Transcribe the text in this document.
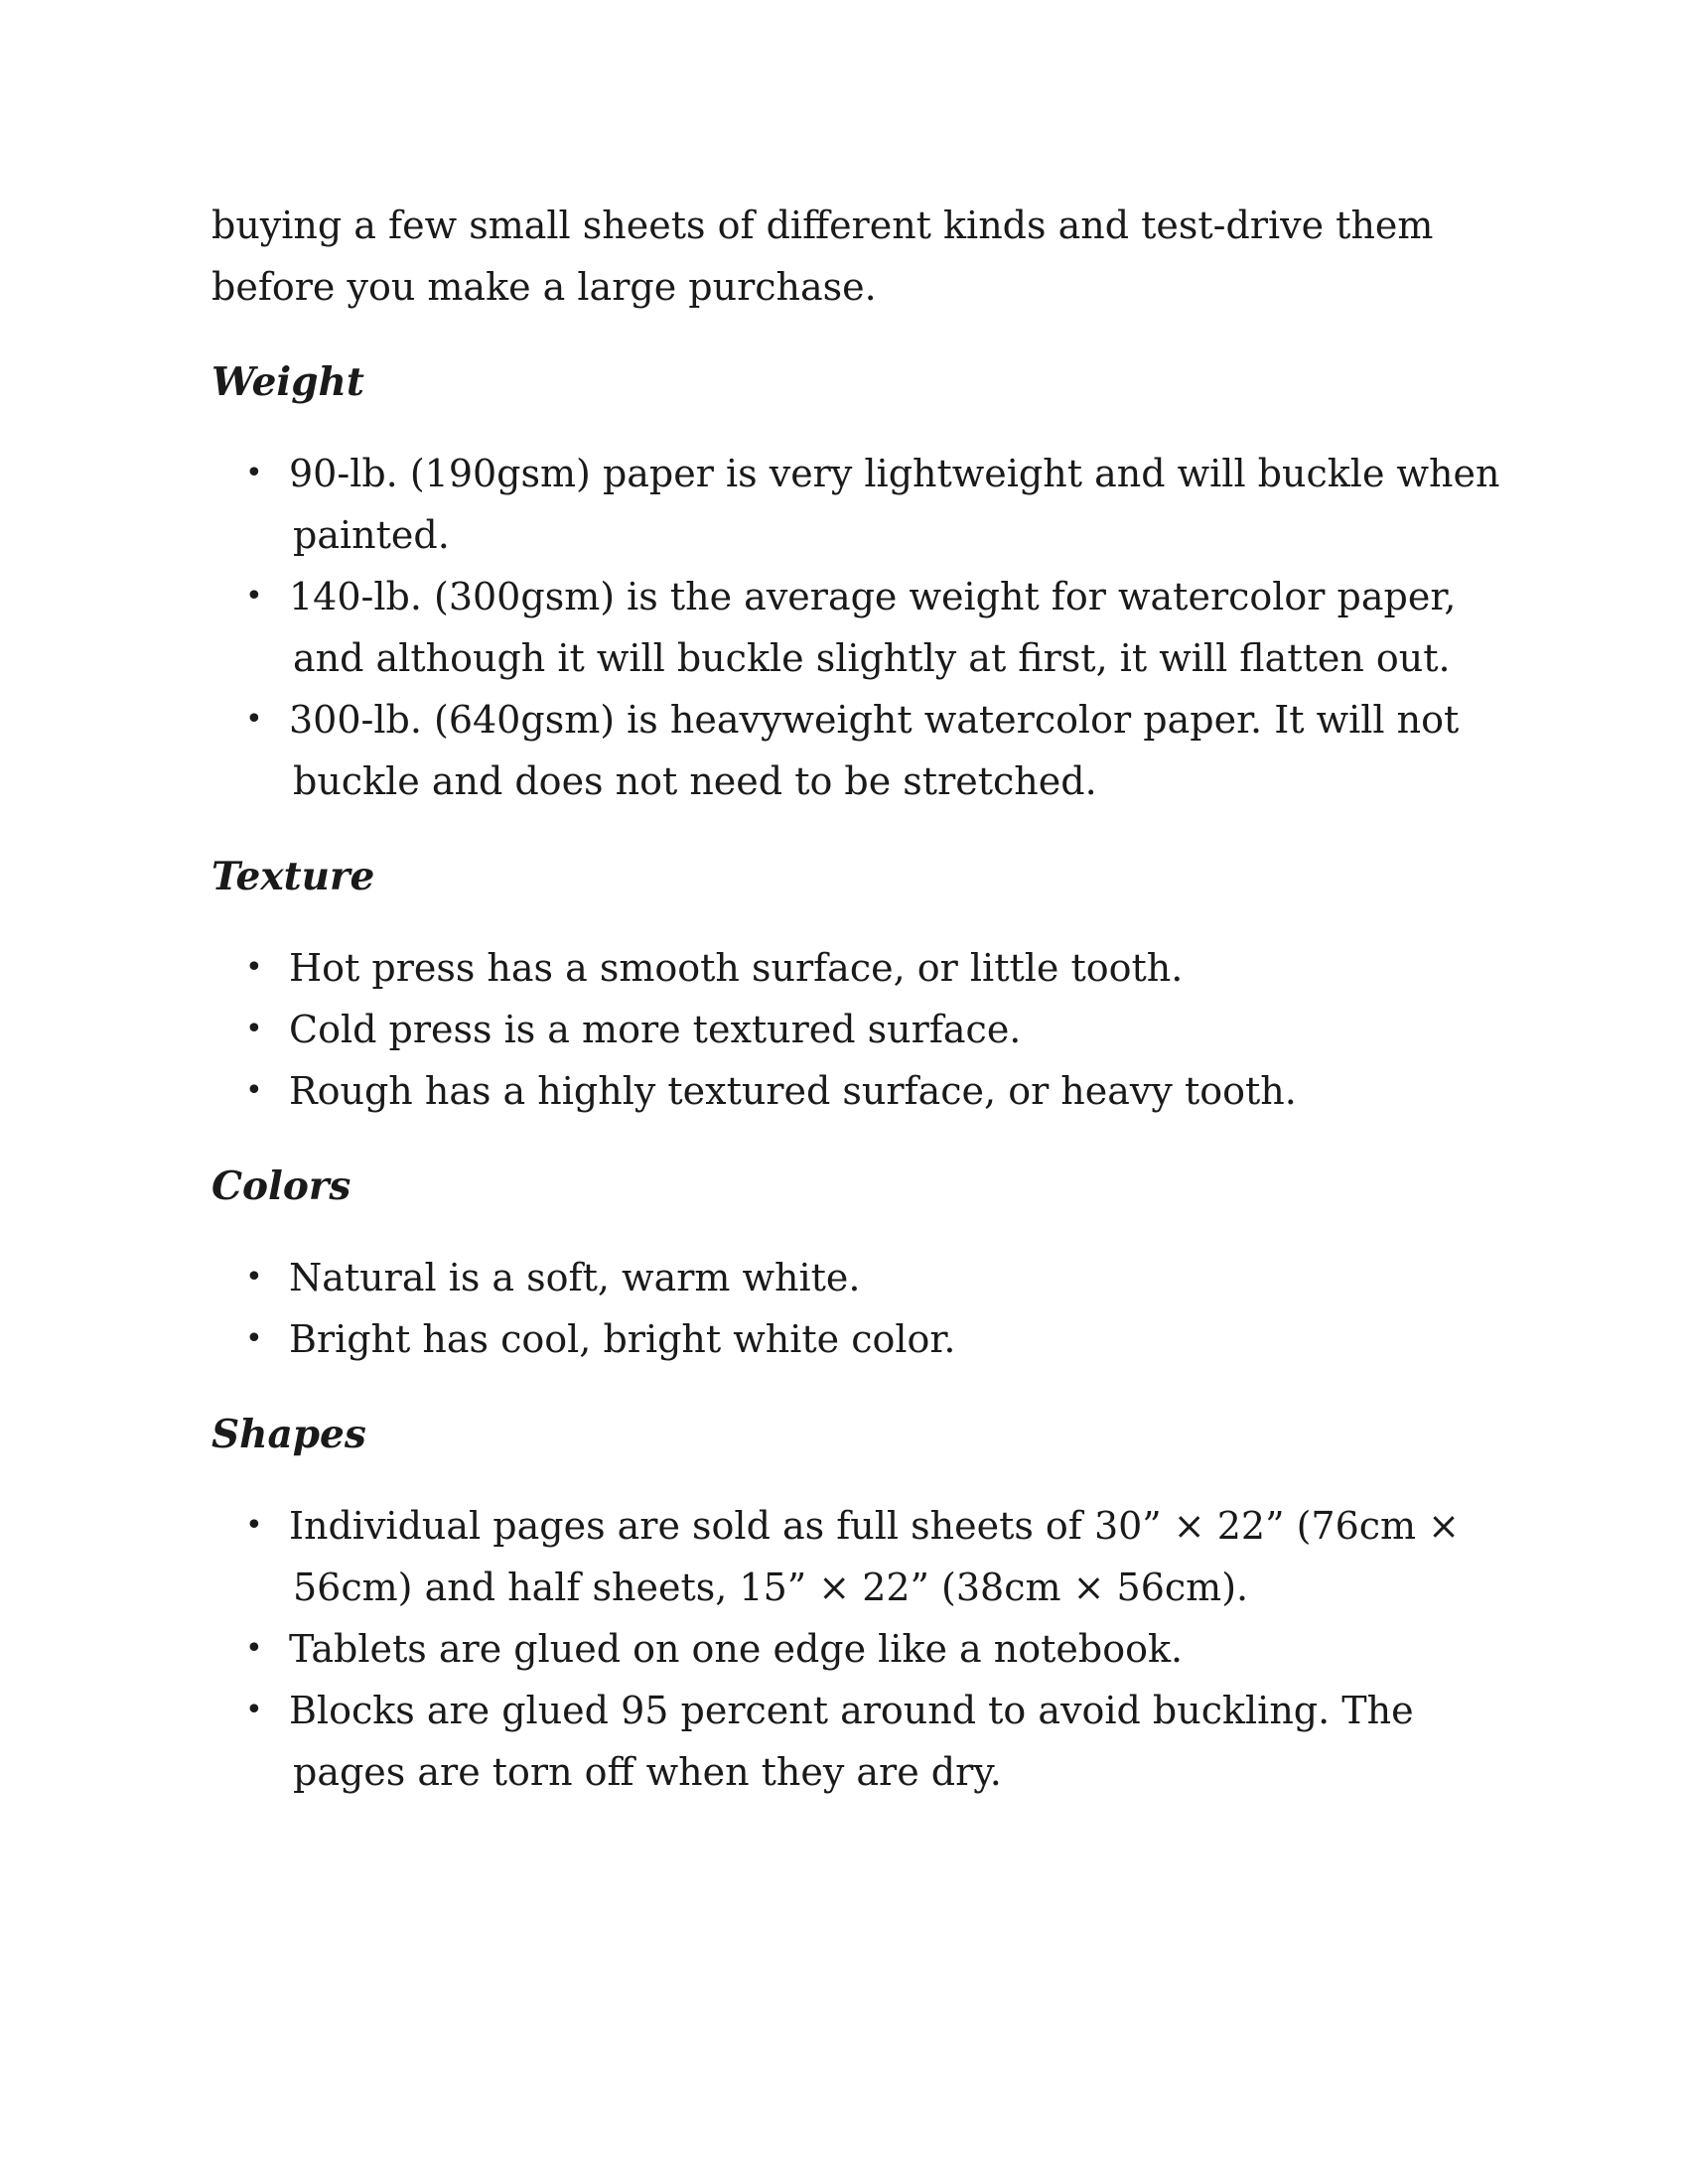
buying a few small sheets of different kinds and test-drive them before you make a large purchase.

Weight
• 90-lb. (190gsm) paper is very lightweight and will buckle when painted.
• 140-lb. (300gsm) is the average weight for watercolor paper, and although it will buckle slightly at first, it will flatten out.
• 300-lb. (640gsm) is heavyweight watercolor paper. It will not buckle and does not need to be stretched.
Texture
• Hot press has a smooth surface, or little tooth.
• Cold press is a more textured surface.
• Rough has a highly textured surface, or heavy tooth.
Colors
• Natural is a soft, warm white.
• Bright has cool, bright white color.
Shapes
• Individual pages are sold as full sheets of 30” × 22” (76cm × 56cm) and half sheets, 15” × 22” (38cm × 56cm).
• Tablets are glued on one edge like a notebook.
• Blocks are glued 95 percent around to avoid buckling. The pages are torn off when they are dry.
